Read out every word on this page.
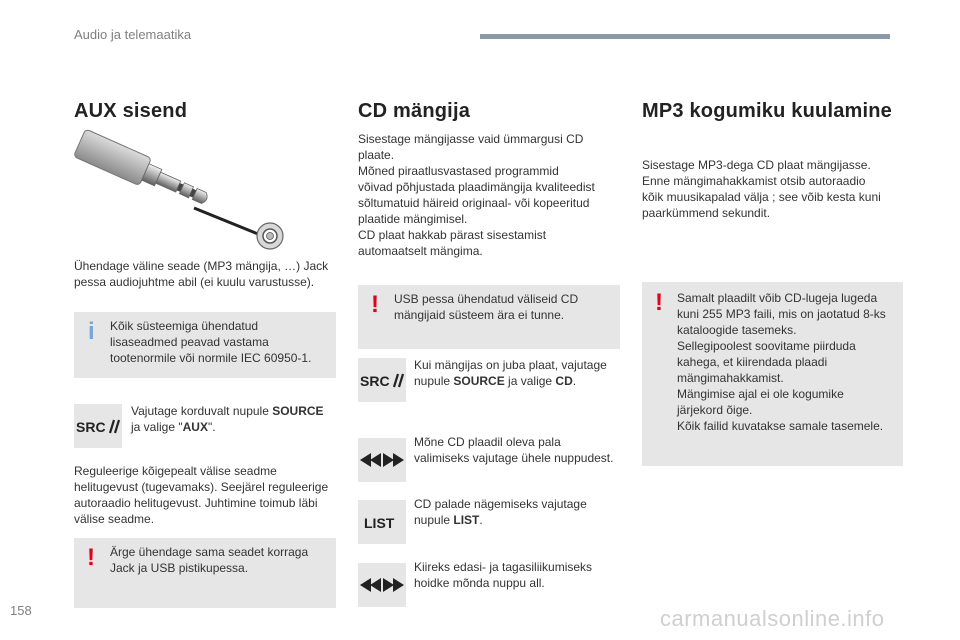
Audio ja telemaatika
AUX sisend
Ühendage väline seade (MP3 mängija, …) Jack
pessa audiojuhtme abil (ei kuulu varustusse).
i Kõik süsteemiga ühendatud
lisaseadmed peavad vastama
tootenormile või normile IEC 60950-1.
SRC
Vajutage korduvalt nupule SOURCE
ja valige "AUX".
Reguleerige kõigepealt välise seadme
helitugevust (tugevamaks). Seejärel reguleerige
autoraadio helitugevust. Juhtimine toimub läbi
välise seadme.
! Ärge ühendage sama seadet korraga
Jack ja USB pistikupessa.
CD mängija
Sisestage mängijasse vaid ümmargusi CD
plaate.
Mõned piraatlusvastased programmid
võivad põhjustada plaadimängija kvaliteedist
sõltumatuid häireid originaal- või kopeeritud
plaatide mängimisel.
CD plaat hakkab pärast sisestamist
automaatselt mängima.
! USB pessa ühendatud väliseid CD
mängijaid süsteem ära ei tunne.
SRC
Kui mängijas on juba plaat, vajutage
nupule SOURCE ja valige CD.
Mõne CD plaadil oleva pala
valimiseks vajutage ühele nuppudest.
LIST
CD palade nägemiseks vajutage
nupule LIST.
Kiireks edasi- ja tagasiliikumiseks
hoidke mõnda nuppu all.
MP3 kogumiku kuulamine
Sisestage MP3-dega CD plaat mängijasse.
Enne mängimahakkamist otsib autoraadio
kõik muusikapalad välja ; see võib kesta kuni
paarkümmend sekundit.
! Samalt plaadilt võib CD-lugeja lugeda
kuni 255 MP3 faili, mis on jaotatud 8-ks
kataloogide tasemeks.
Sellegipoolest soovitame piirduda
kahega, et kiirendada plaadi
mängimahakkamist.
Mängimise ajal ei ole kogumike
järjekord õige.
Kõik failid kuvatakse samale tasemele.
158	carmanualsonline.info
